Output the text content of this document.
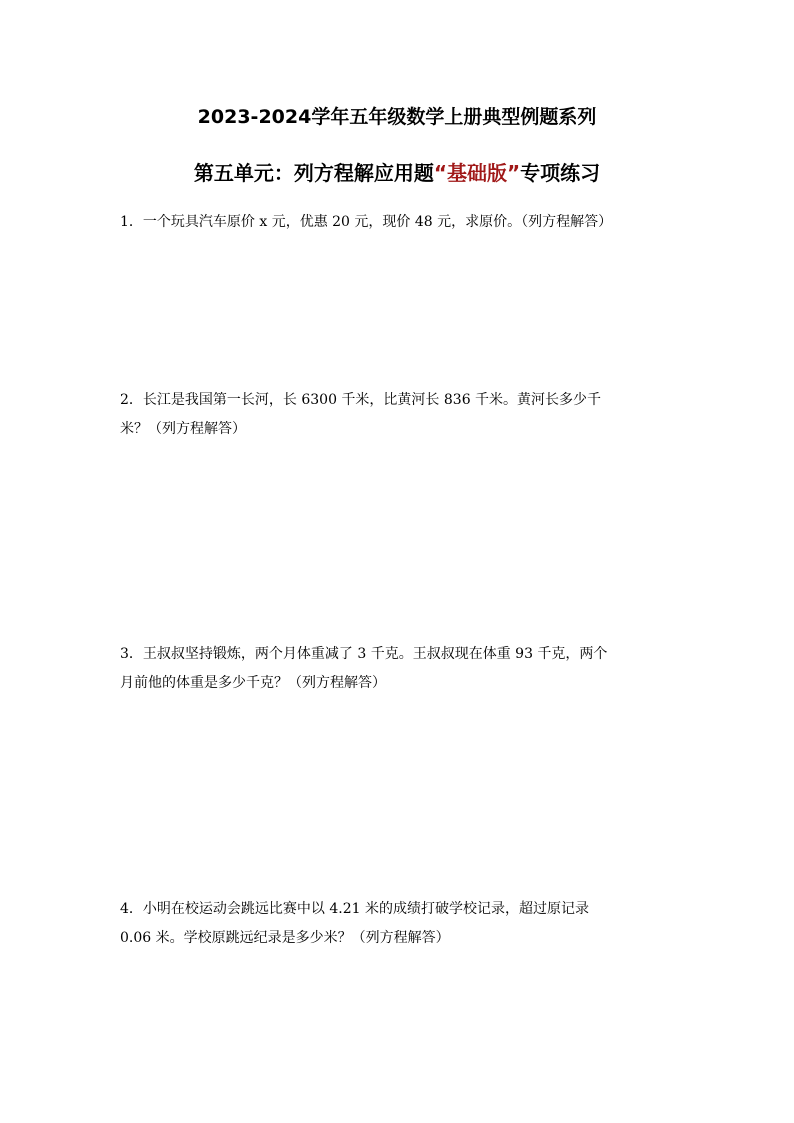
2023-2024学年五年级数学上册典型例题系列
第五单元：列方程解应用题“基础版”专项练习
1．一个玩具汽车原价 x 元，优惠 20 元，现价 48 元，求原价。（列方程解答）
2．长江是我国第一长河，长 6300 千米，比黄河长 836 千米。黄河长多少千
米？（列方程解答）
3．王叔叔坚持锻炼，两个月体重减了 3 千克。王叔叔现在体重 93 千克，两个
月前他的体重是多少千克？（列方程解答）
4．小明在校运动会跳远比赛中以 4.21 米的成绩打破学校记录，超过原记录
0.06 米。学校原跳远纪录是多少米？（列方程解答）
